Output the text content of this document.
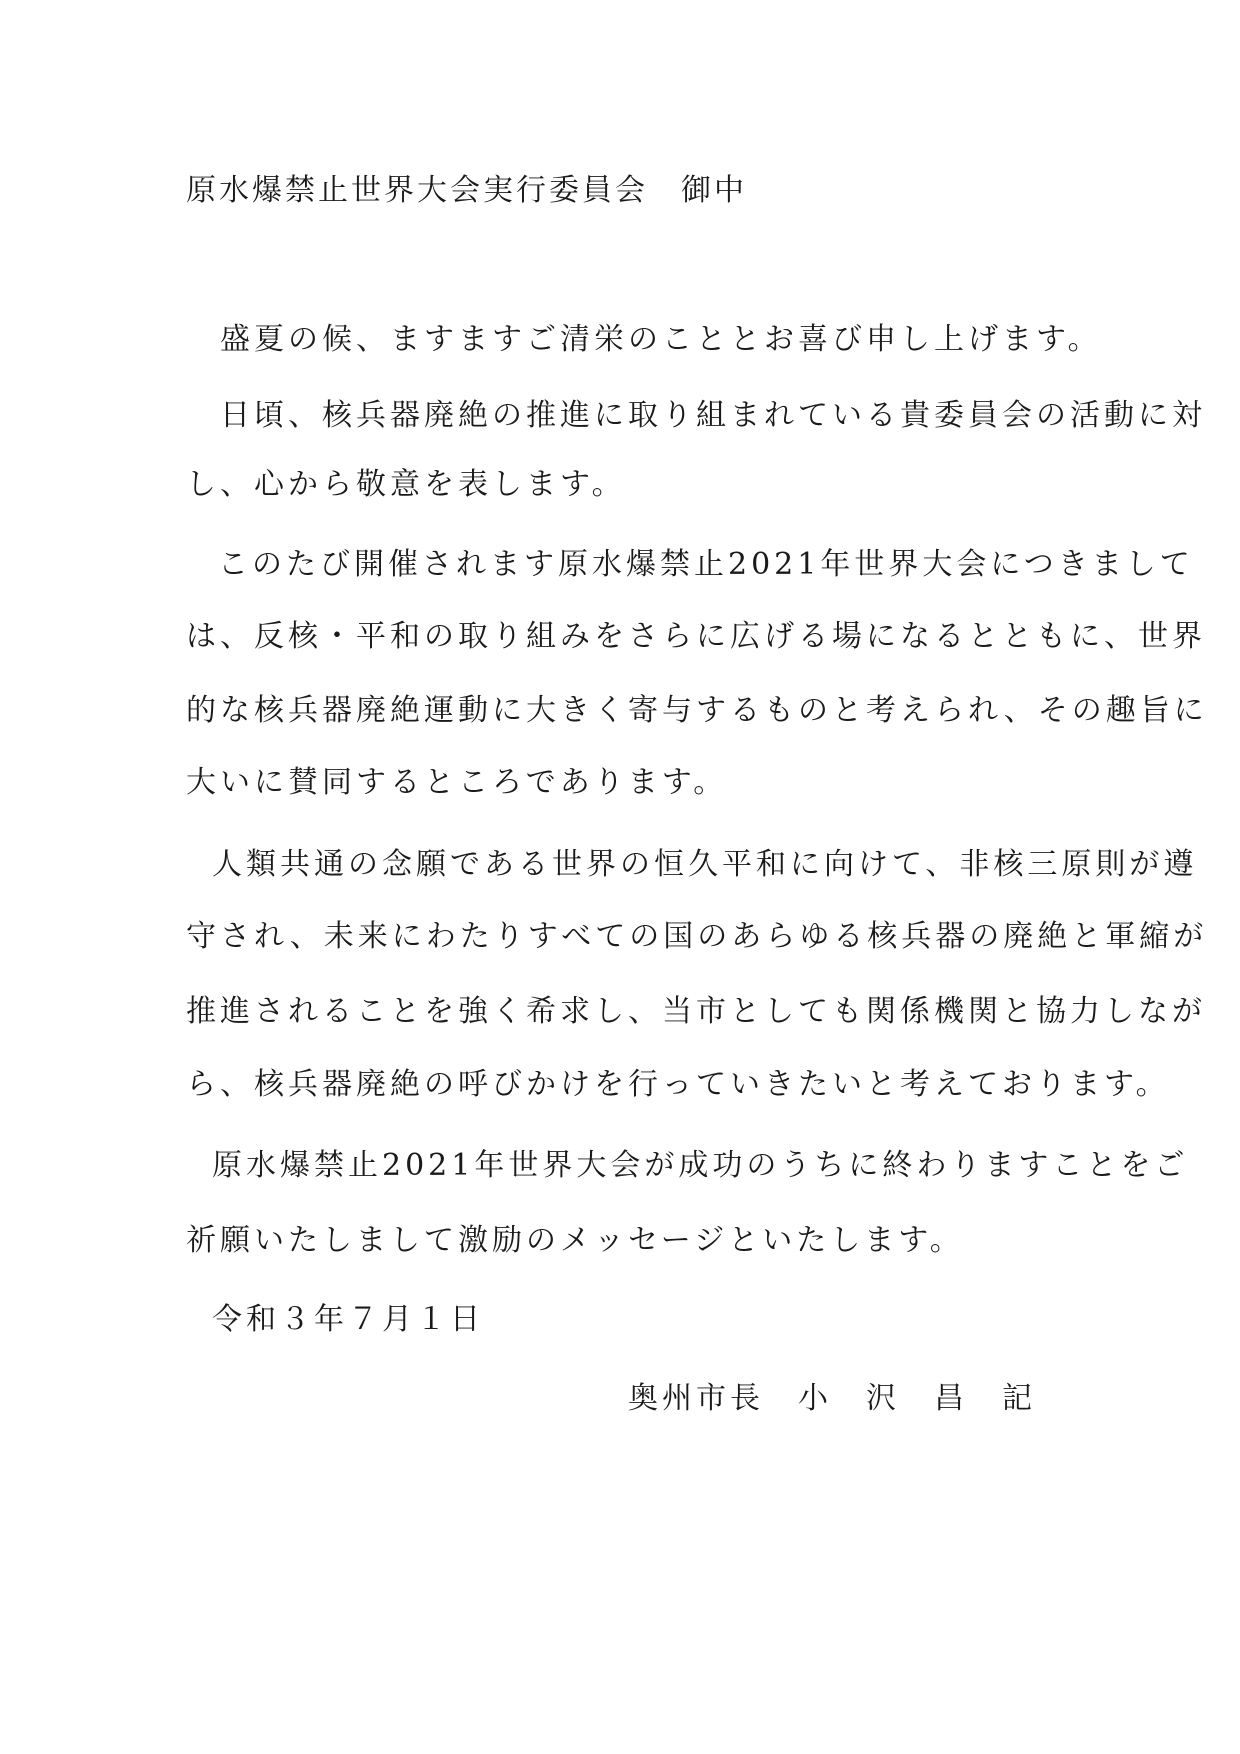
原水爆禁止世界大会実行委員会　御中

盛夏の候、ますますご清栄のこととお喜び申し上げます。

日頃、核兵器廃絶の推進に取り組まれている貴委員会の活動に対

し、心から敬意を表します。

このたび開催されます原水爆禁止2021年世界大会につきまして

は、反核・平和の取り組みをさらに広げる場になるとともに、世界

的な核兵器廃絶運動に大きく寄与するものと考えられ、その趣旨に

大いに賛同するところであります。

人類共通の念願である世界の恒久平和に向けて、非核三原則が遵

守され、未来にわたりすべての国のあらゆる核兵器の廃絶と軍縮が

推進されることを強く希求し、当市としても関係機関と協力しなが

ら、核兵器廃絶の呼びかけを行っていきたいと考えております。

原水爆禁止2021年世界大会が成功のうちに終わりますことをご

祈願いたしまして激励のメッセージといたします。

令和３年７月１日

奥州市長　小　沢　昌　記
